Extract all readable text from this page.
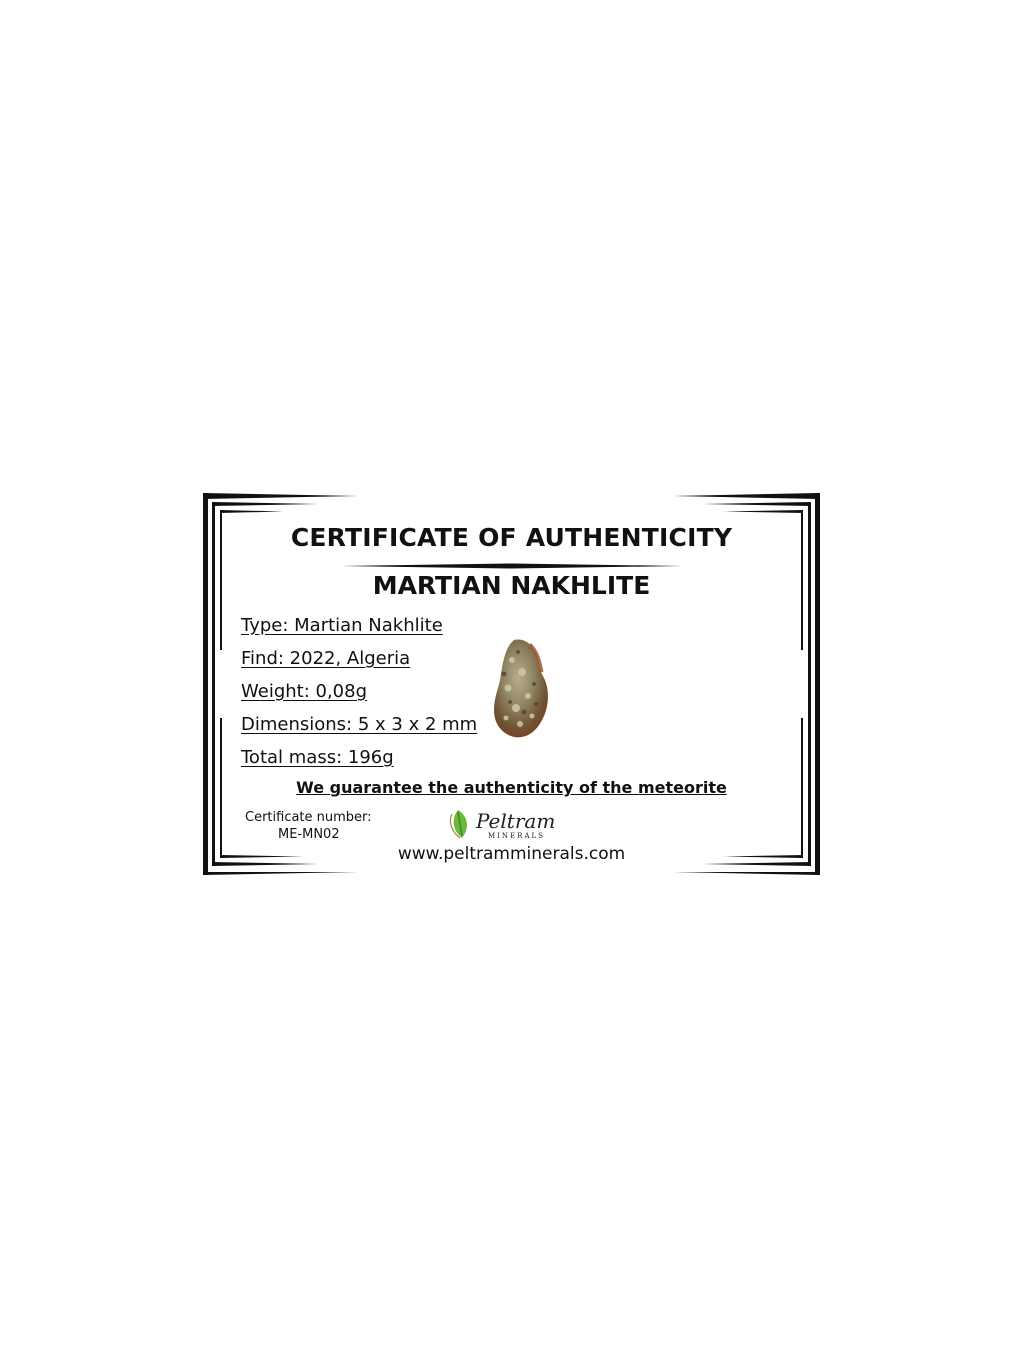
CERTIFICATE OF AUTHENTICITY
MARTIAN NAKHLITE
Type: Martian Nakhlite
Find: 2022, Algeria
Weight: 0,08g
Dimensions: 5 x 3 x 2 mm
Total mass: 196g
We guarantee the authenticity of the meteorite
Certificate number:
ME-MN02
Peltram
MINERALS
www.peltramminerals.com
